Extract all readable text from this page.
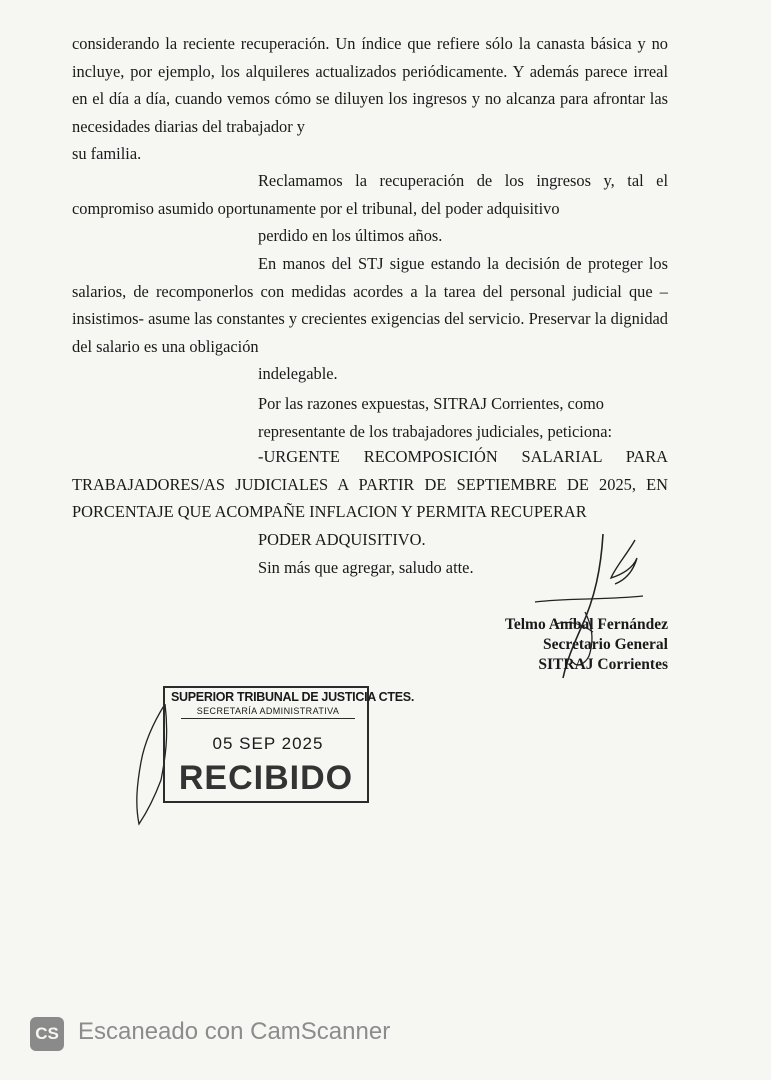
considerando la reciente recuperación. Un índice que refiere sólo la canasta básica y no incluye, por ejemplo, los alquileres actualizados periódicamente. Y además parece irreal en el día a día, cuando vemos cómo se diluyen los ingresos y no alcanza para afrontar las necesidades diarias del trabajador y
su familia.

Reclamamos la recuperación de los ingresos y, tal el compromiso asumido oportunamente por el tribunal, del poder adquisitivo
perdido en los últimos años.

En manos del STJ sigue estando la decisión de proteger los salarios, de recomponerlos con medidas acordes a la tarea del personal judicial que –insistimos- asume las constantes y crecientes exigencias del servicio. Preservar la dignidad del salario es una obligación
indelegable.

Por las razones expuestas, SITRAJ Corrientes, como
representante de los trabajadores judiciales, peticiona:

-URGENTE RECOMPOSICIÓN SALARIAL PARA TRABAJADORES/AS JUDICIALES A PARTIR DE SEPTIEMBRE DE 2025, EN PORCENTAJE QUE ACOMPAÑE INFLACION Y PERMITA RECUPERAR
PODER ADQUISITIVO.

Sin más que agregar, saludo atte.

Telmo Aníbal Fernández
Secretario General
SITRAJ Corrientes
SUPERIOR TRIBUNAL DE JUSTICIA CTES.
SECRETARÍA ADMINISTRATIVA
05 SEP 2025
RECIBIDO
CS Escaneado con CamScanner
